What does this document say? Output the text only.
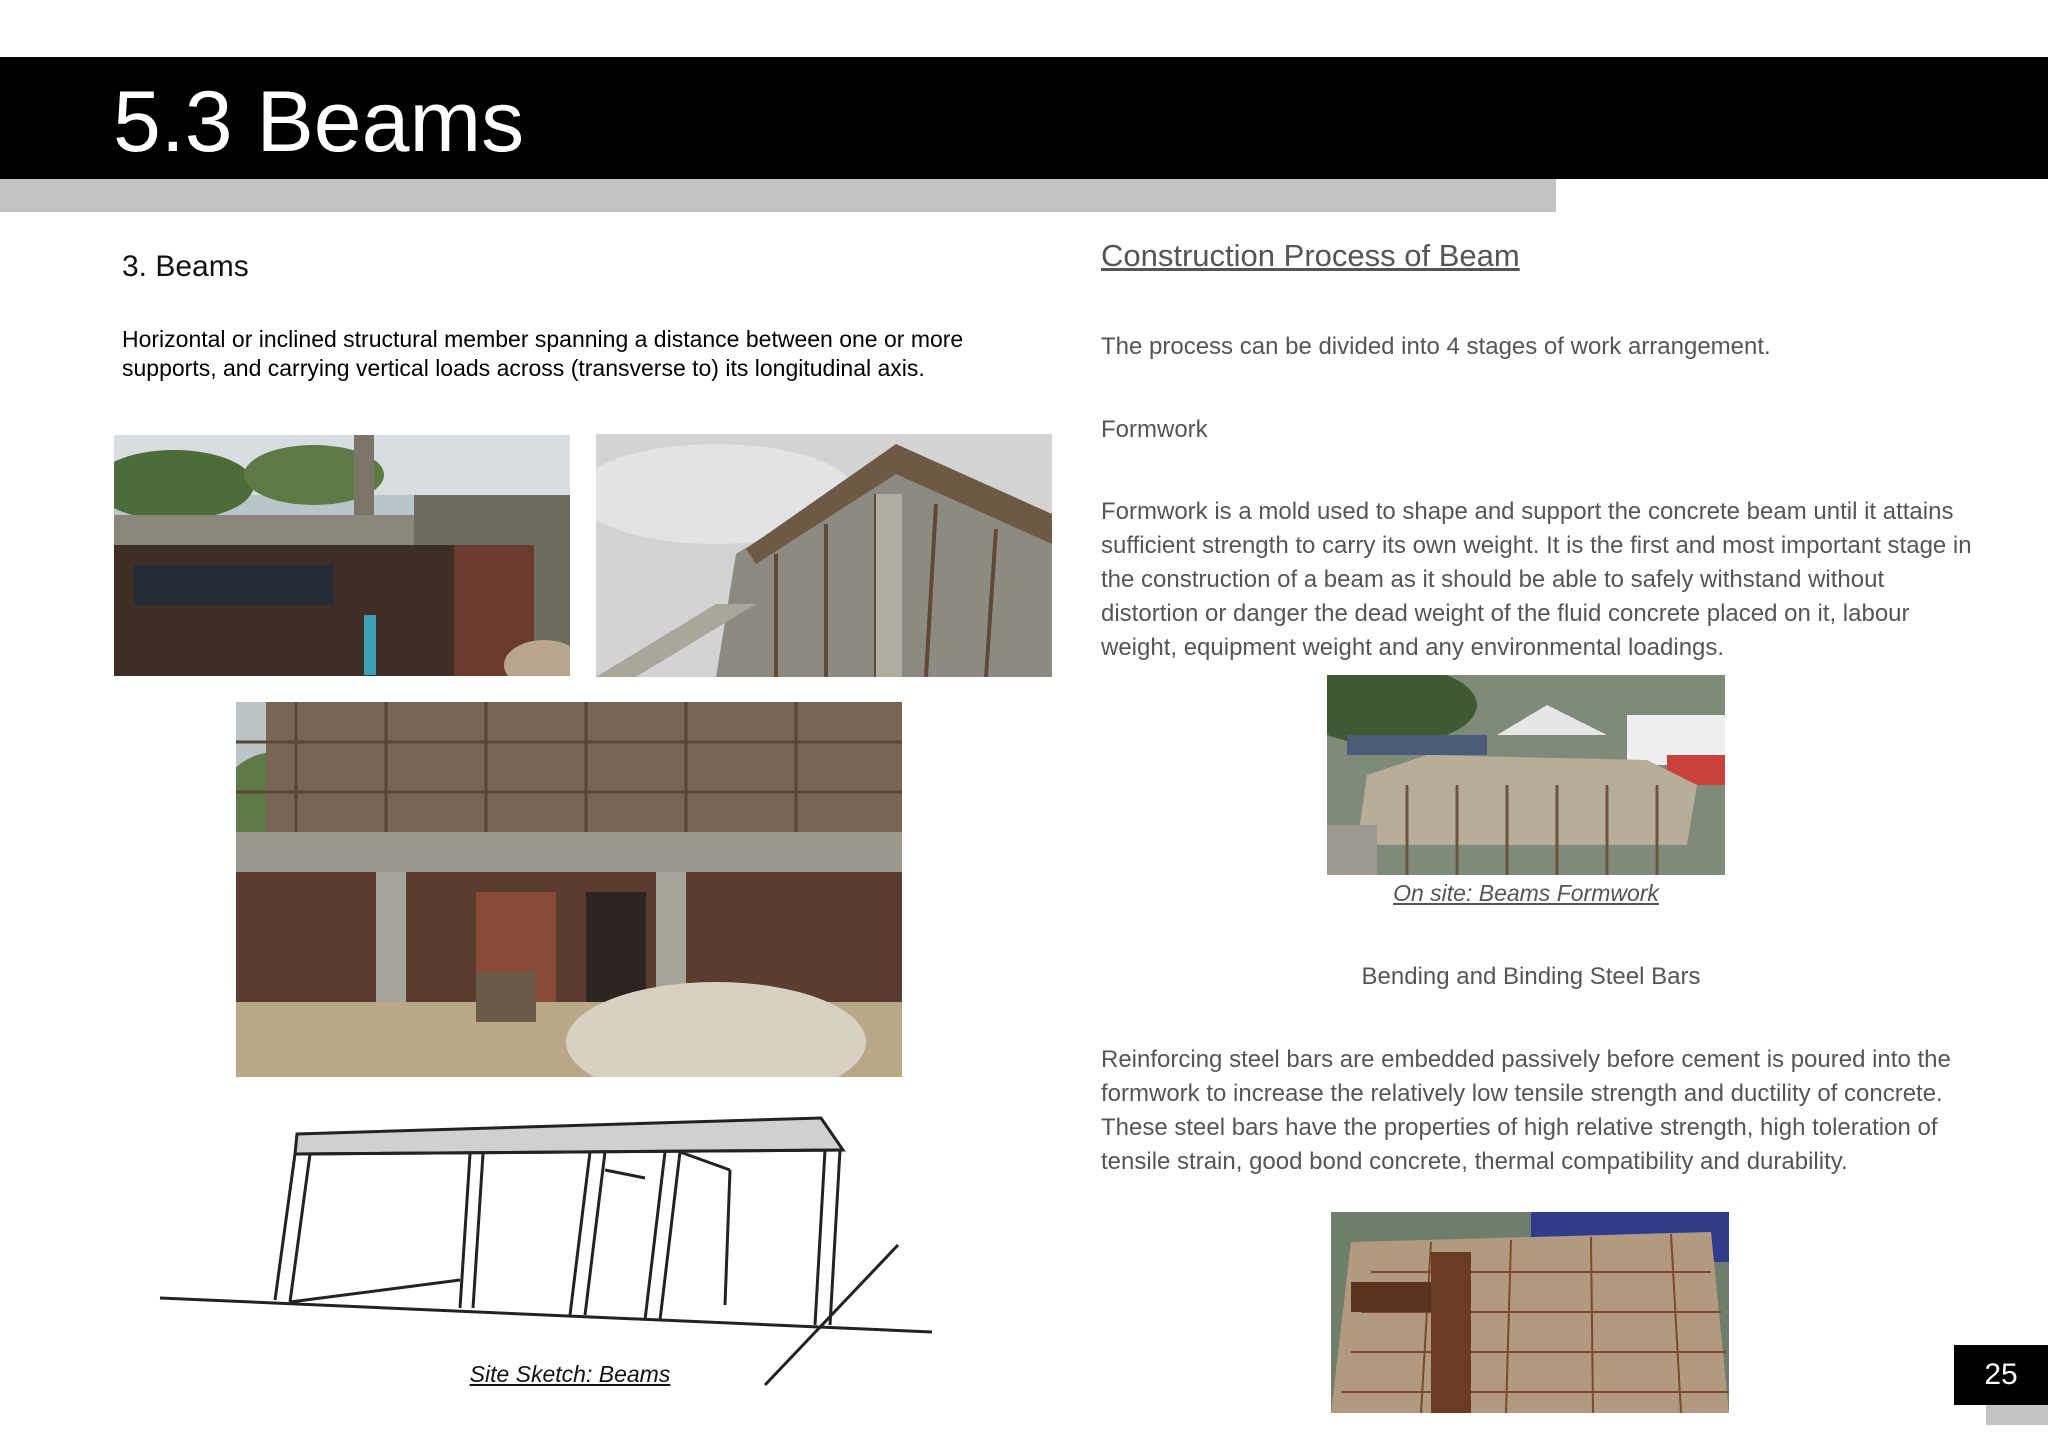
5.3 Beams
3. Beams
Horizontal or inclined structural member spanning a distance between one or more supports, and carrying vertical loads across (transverse to) its longitudinal axis.
Site Sketch: Beams
Construction Process of Beam
The process can be divided into 4 stages of work arrangement.
Formwork
Formwork is a mold used to shape and support the concrete beam until it attains sufficient strength to carry its own weight. It is the first and most important stage in the construction of a beam as it should be able to safely withstand without distortion or danger the dead weight of the fluid concrete placed on it, labour weight, equipment weight and any environmental loadings.
On site: Beams Formwork
Bending and Binding Steel Bars
Reinforcing steel bars are embedded passively before cement is poured into the formwork to increase the relatively low tensile strength and ductility of concrete. These steel bars have the properties of high relative strength, high toleration of tensile strain, good bond concrete, thermal compatibility and durability.
25
